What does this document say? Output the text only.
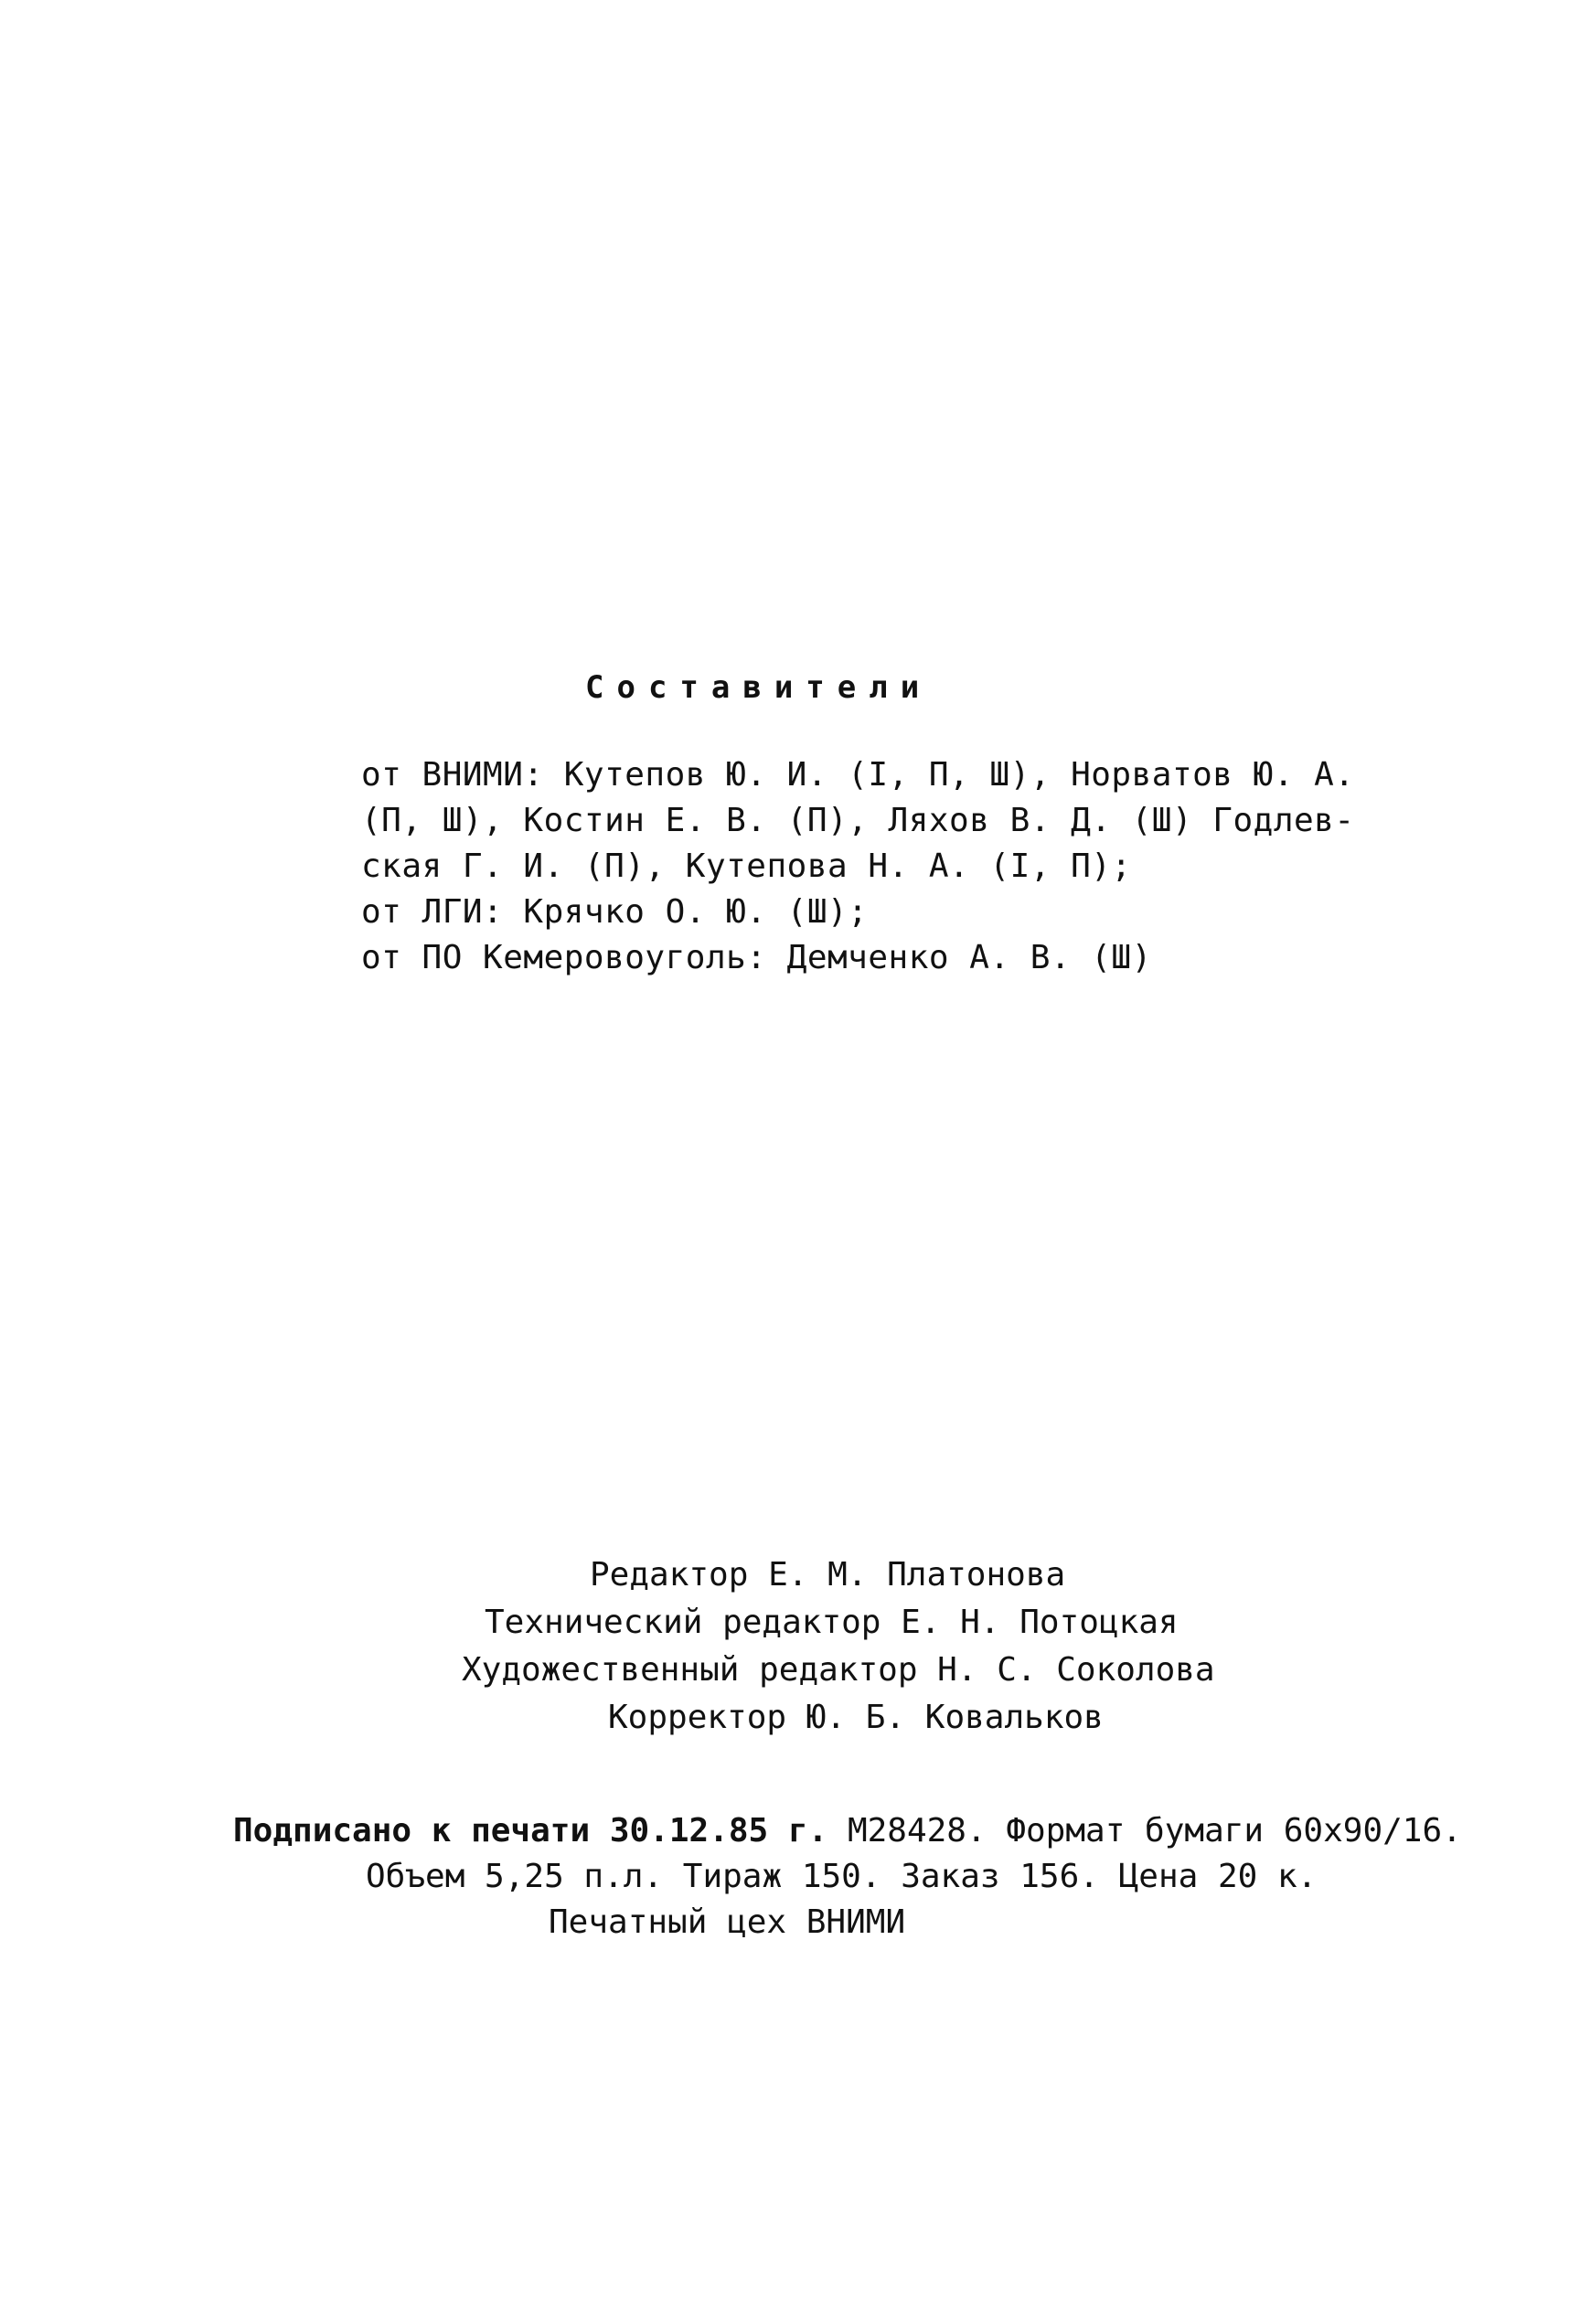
Составители

от ВНИМИ: Кутепов Ю. И. (I, П, Ш), Норватов Ю. А.

(П, Ш), Костин Е. В. (П), Ляхов В. Д. (Ш) Годлев-

ская Г. И. (П), Кутепова Н. А. (I, П);

от ЛГИ: Крячко О. Ю. (Ш);

от ПО Кемеровоуголь: Демченко А. В. (Ш)

Редактор Е. М. Платонова

Технический редактор Е. Н. Потоцкая

Художественный редактор Н. С. Соколова

Корректор Ю. Б. Ковальков

Подписано к печати 30.12.85 г. М28428. Формат бумаги 60х90/16.

Объем 5,25 п.л. Тираж 150. Заказ 156. Цена 20 к.

Печатный цех ВНИМИ
